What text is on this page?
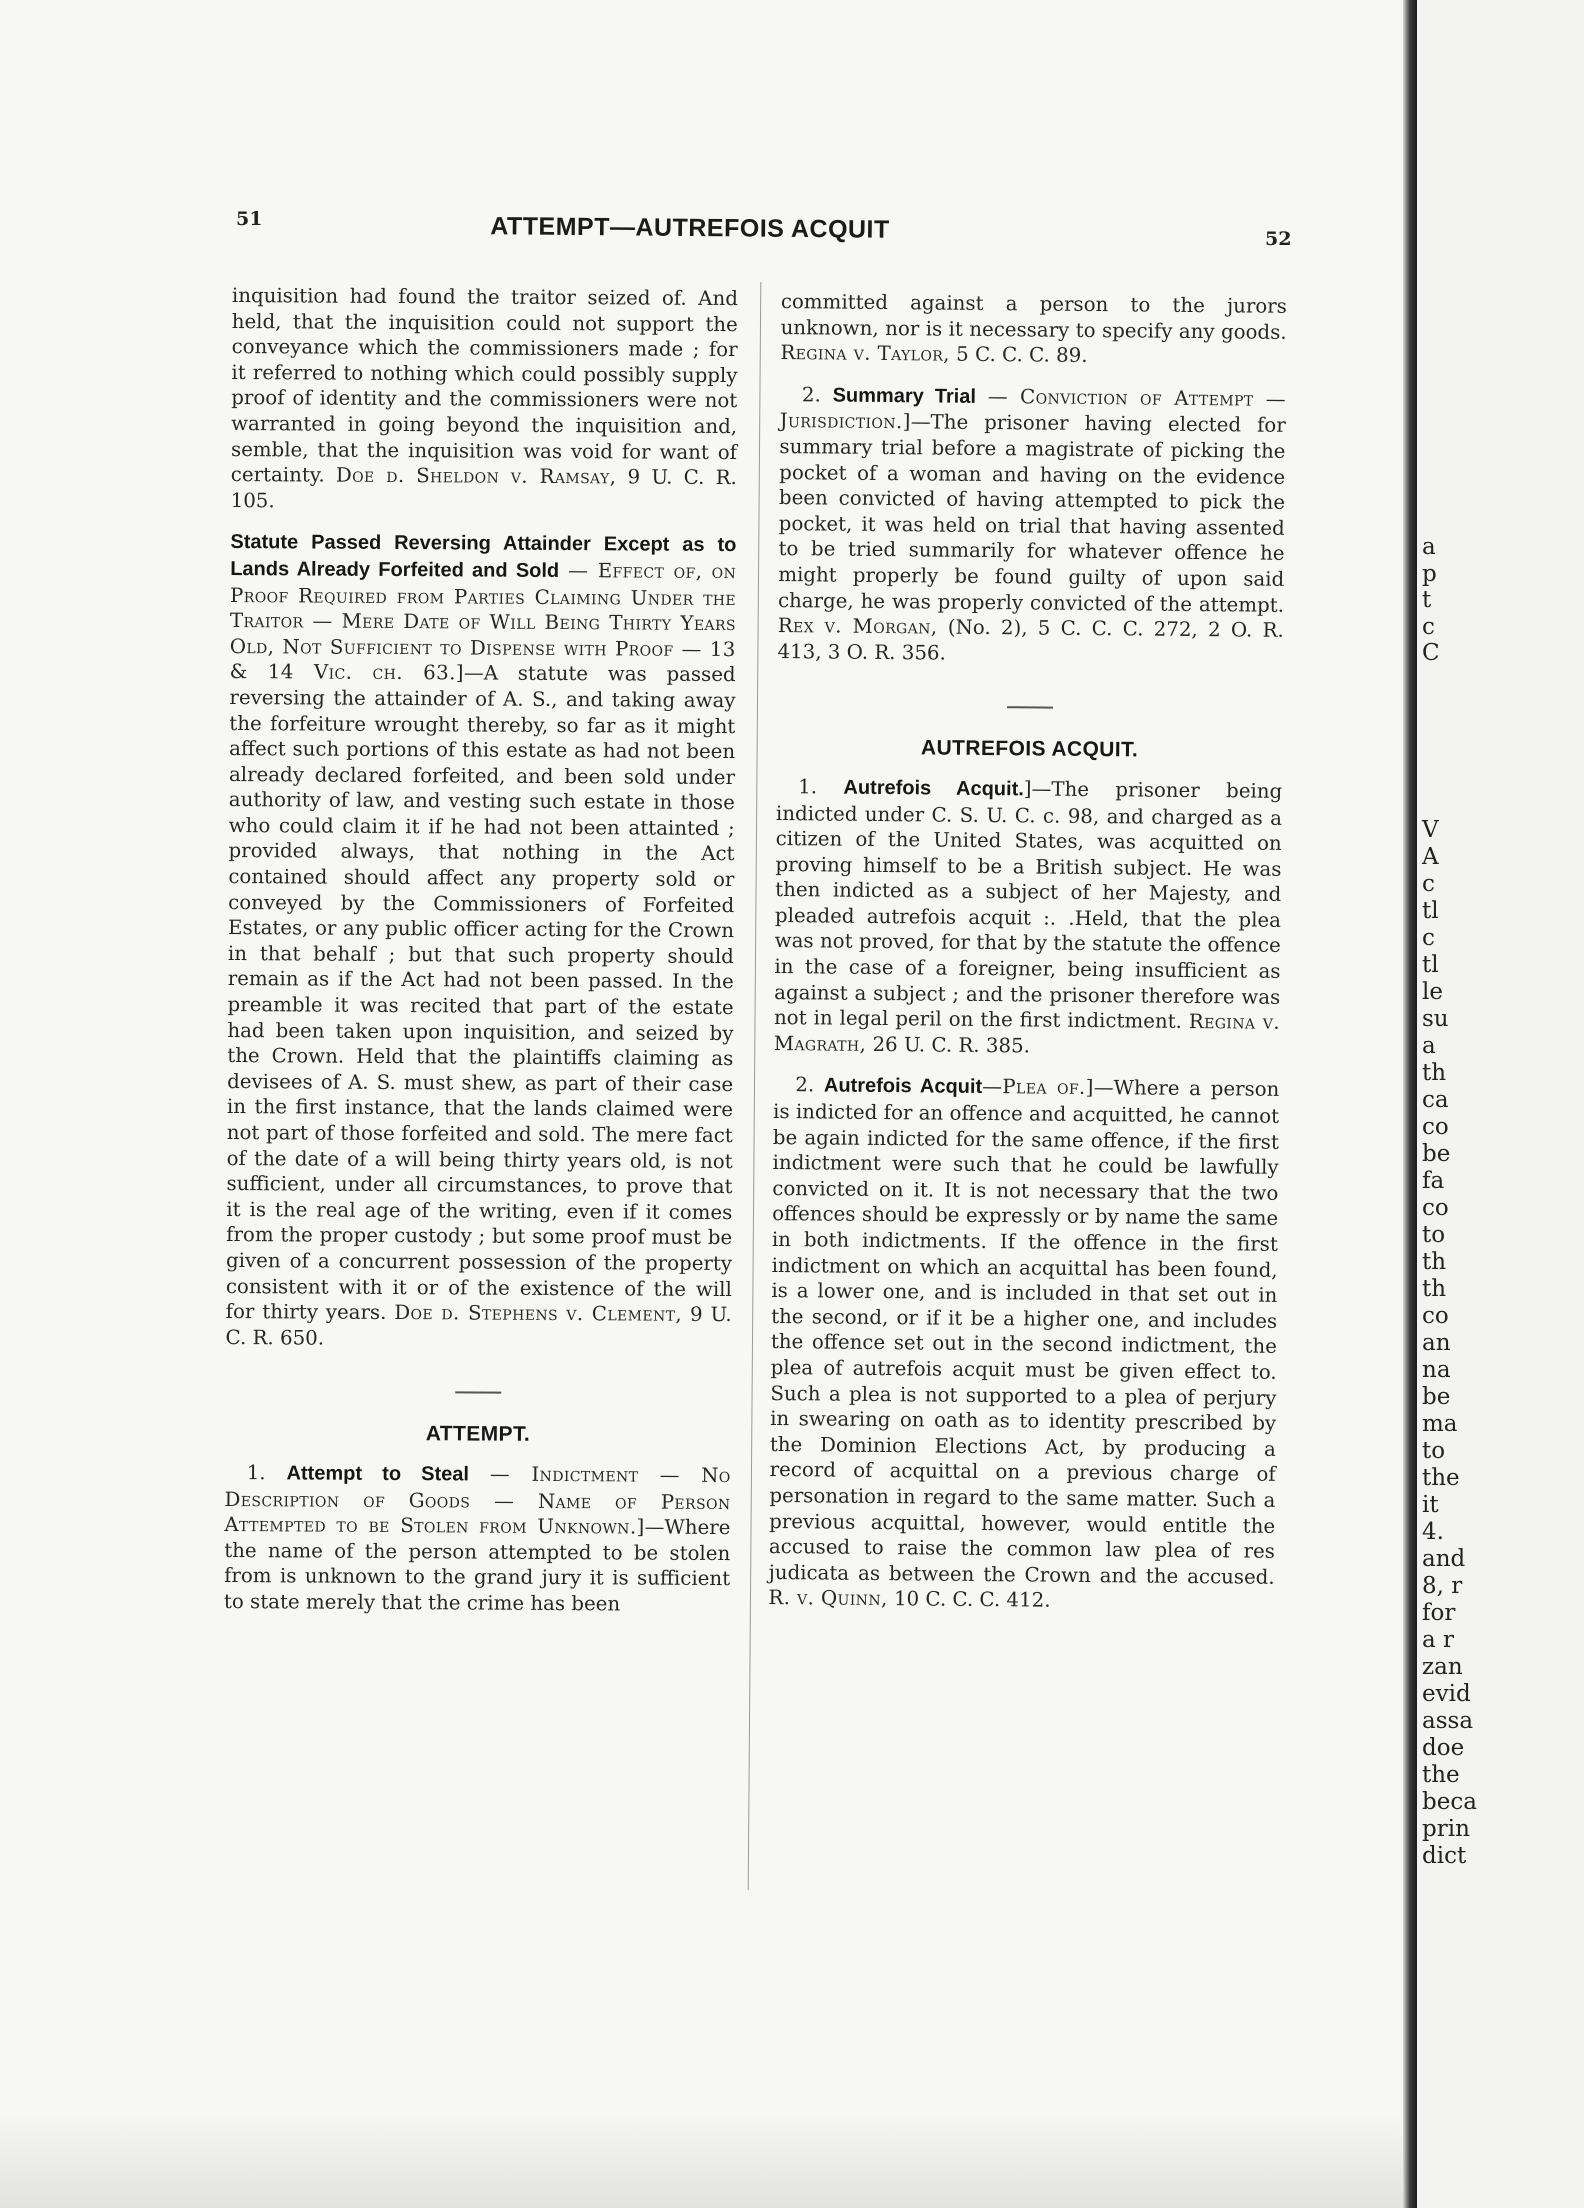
51	ATTEMPT—AUTREFOIS ACQUIT	52

inquisition had found the traitor seized of. And held, that the inquisition could not support the conveyance which the commissioners made ; for it referred to nothing which could possibly supply proof of identity and the commissioners were not warranted in going beyond the inquisition and, semble, that the inquisition was void for want of certainty. Doe d. Sheldon v. Ramsay, 9 U. C. R. 105.

Statute Passed Reversing Attainder Except as to Lands Already Forfeited and Sold — Effect of, on Proof Required from Parties Claiming Under the Traitor — Mere Date of Will Being Thirty Years Old, Not Sufficient to Dispense with Proof — 13 & 14 Vic. ch. 63.]—A statute was passed reversing the attainder of A. S., and taking away the forfeiture wrought thereby, so far as it might affect such portions of this estate as had not been already declared forfeited, and been sold under authority of law, and vesting such estate in those who could claim it if he had not been attainted ; provided always, that nothing in the Act contained should affect any property sold or conveyed by the Commissioners of Forfeited Estates, or any public officer acting for the Crown in that behalf ; but that such property should remain as if the Act had not been passed. In the preamble it was recited that part of the estate had been taken upon inquisition, and seized by the Crown. Held that the plaintiffs claiming as devisees of A. S. must shew, as part of their case in the first instance, that the lands claimed were not part of those forfeited and sold. The mere fact of the date of a will being thirty years old, is not sufficient, under all circumstances, to prove that it is the real age of the writing, even if it comes from the proper custody ; but some proof must be given of a concurrent possession of the property consistent with it or of the existence of the will for thirty years. Doe d. Stephens v. Clement, 9 U. C. R. 650.

ATTEMPT.

1. Attempt to Steal — Indictment — No Description of Goods — Name of Person Attempted to be Stolen from Unknown.]—Where the name of the person attempted to be stolen from is unknown to the grand jury it is sufficient to state merely that the crime has been

committed against a person to the jurors unknown, nor is it necessary to specify any goods. Regina v. Taylor, 5 C. C. C. 89.

2. Summary Trial — Conviction of Attempt — Jurisdiction.]—The prisoner having elected for summary trial before a magistrate of picking the pocket of a woman and having on the evidence been convicted of having attempted to pick the pocket, it was held on trial that having assented to be tried summarily for whatever offence he might properly be found guilty of upon said charge, he was properly convicted of the attempt. Rex v. Morgan, (No. 2), 5 C. C. C. 272, 2 O. R. 413, 3 O. R. 356.

AUTREFOIS ACQUIT.

1. Autrefois Acquit.]—The prisoner being indicted under C. S. U. C. c. 98, and charged as a citizen of the United States, was acquitted on proving himself to be a British subject. He was then indicted as a subject of her Majesty, and pleaded autrefois acquit :. .Held, that the plea was not proved, for that by the statute the offence in the case of a foreigner, being insufficient as against a subject ; and the prisoner therefore was not in legal peril on the first indictment. Regina v. Magrath, 26 U. C. R. 385.

2. Autrefois Acquit—Plea of.]—Where a person is indicted for an offence and acquitted, he cannot be again indicted for the same offence, if the first indictment were such that he could be lawfully convicted on it. It is not necessary that the two offences should be expressly or by name the same in both indictments. If the offence in the first indictment on which an acquittal has been found, is a lower one, and is included in that set out in the second, or if it be a higher one, and includes the offence set out in the second indictment, the plea of autrefois acquit must be given effect to. Such a plea is not supported to a plea of perjury in swearing on oath as to identity prescribed by the Dominion Elections Act, by producing a record of acquittal on a previous charge of personation in regard to the same matter. Such a previous acquittal, however, would entitle the accused to raise the common law plea of res judicata as between the Crown and the accused. R. v. Quinn, 10 C. C. C. 412.

a
p
t
c
C
V
A
c
tl
c
tl
le
su
a
th
ca
co
be
fa
co
to
th
th
co
an
na
be
ma
to
the
it
4.
and
8, r
for
a r
zan
evid
assa
doe
the
beca
prin
dict
